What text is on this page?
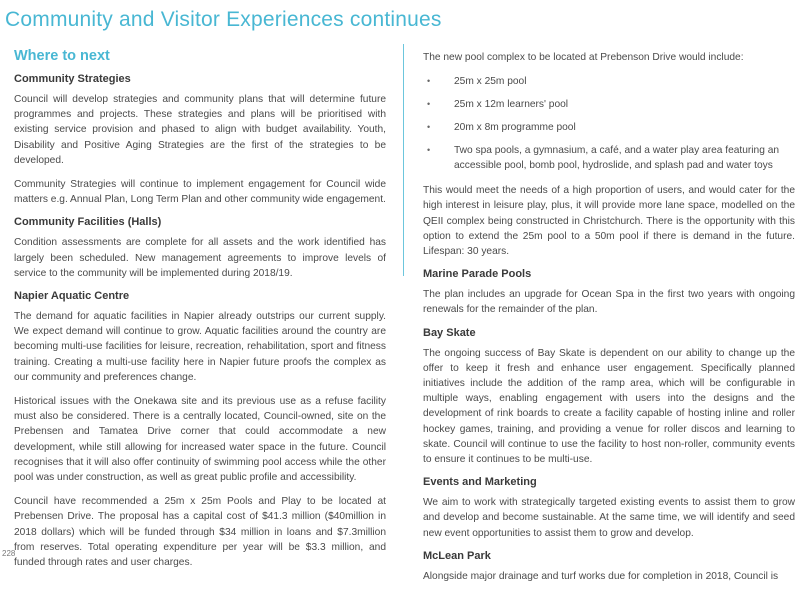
Community and Visitor Experiences continues
Where to next
Community Strategies

Council will develop strategies and community plans that will determine future programmes and projects. These strategies and plans will be prioritised with existing service provision and phased to align with budget availability. Youth, Disability and Positive Aging Strategies are the first of the strategies to be developed.

Community Strategies will continue to implement engagement for Council wide matters e.g. Annual Plan, Long Term Plan and other community wide engagement.

Community Facilities (Halls)

Condition assessments are complete for all assets and the work identified has largely been scheduled. New management agreements to improve levels of service to the community will be implemented during 2018/19.

Napier Aquatic Centre

The demand for aquatic facilities in Napier already outstrips our current supply. We expect demand will continue to grow. Aquatic facilities around the country are becoming multi-use facilities for leisure, recreation, rehabilitation, sport and fitness training. Creating a multi-use facility here in Napier future proofs the complex as our community and preferences change.

Historical issues with the Onekawa site and its previous use as a refuse facility must also be considered. There is a centrally located, Council-owned, site on the Prebensen and Tamatea Drive corner that could accommodate a new development, while still allowing for increased water space in the future. Council recognises that it will also offer continuity of swimming pool access while the other pool was under construction, as well as great public profile and accessibility.

Council have recommended a 25m x 25m Pools and Play to be located at Prebensen Drive. The proposal has a capital cost of $41.3 million ($40million in 2018 dollars) which will be funded through $34 million in loans and $7.3million from reserves. Total operating expenditure per year will be $3.3 million, and funded through rates and user charges.

The new pool complex to be located at Prebenson Drive would include:

• 25m x 25m pool
• 25m x 12m learners' pool
• 20m x 8m programme pool
• Two spa pools, a gymnasium, a café, and a water play area featuring an accessible pool, bomb pool, hydroslide, and splash pad and water toys

This would meet the needs of a high proportion of users, and would cater for the high interest in leisure play, plus, it will provide more lane space, modelled on the QEII complex being constructed in Christchurch. There is the opportunity with this option to extend the 25m pool to a 50m pool if there is demand in the future. Lifespan: 30 years.

Marine Parade Pools

The plan includes an upgrade for Ocean Spa in the first two years with ongoing renewals for the remainder of the plan.

Bay Skate

The ongoing success of Bay Skate is dependent on our ability to change up the offer to keep it fresh and enhance user engagement. Specifically planned initiatives include the addition of the ramp area, which will be configurable in multiple ways, enabling engagement with users into the designs and the development of rink boards to create a facility capable of hosting inline and roller hockey games, training, and providing a venue for roller discos and learning to skate. Council will continue to use the facility to host non-roller, community events to ensure it continues to be multi-use.

Events and Marketing

We aim to work with strategically targeted existing events to assist them to grow and develop and become sustainable. At the same time, we will identify and seed new event opportunities to assist them to grow and develop.

McLean Park

Alongside major drainage and turf works due for completion in 2018, Council is

228
